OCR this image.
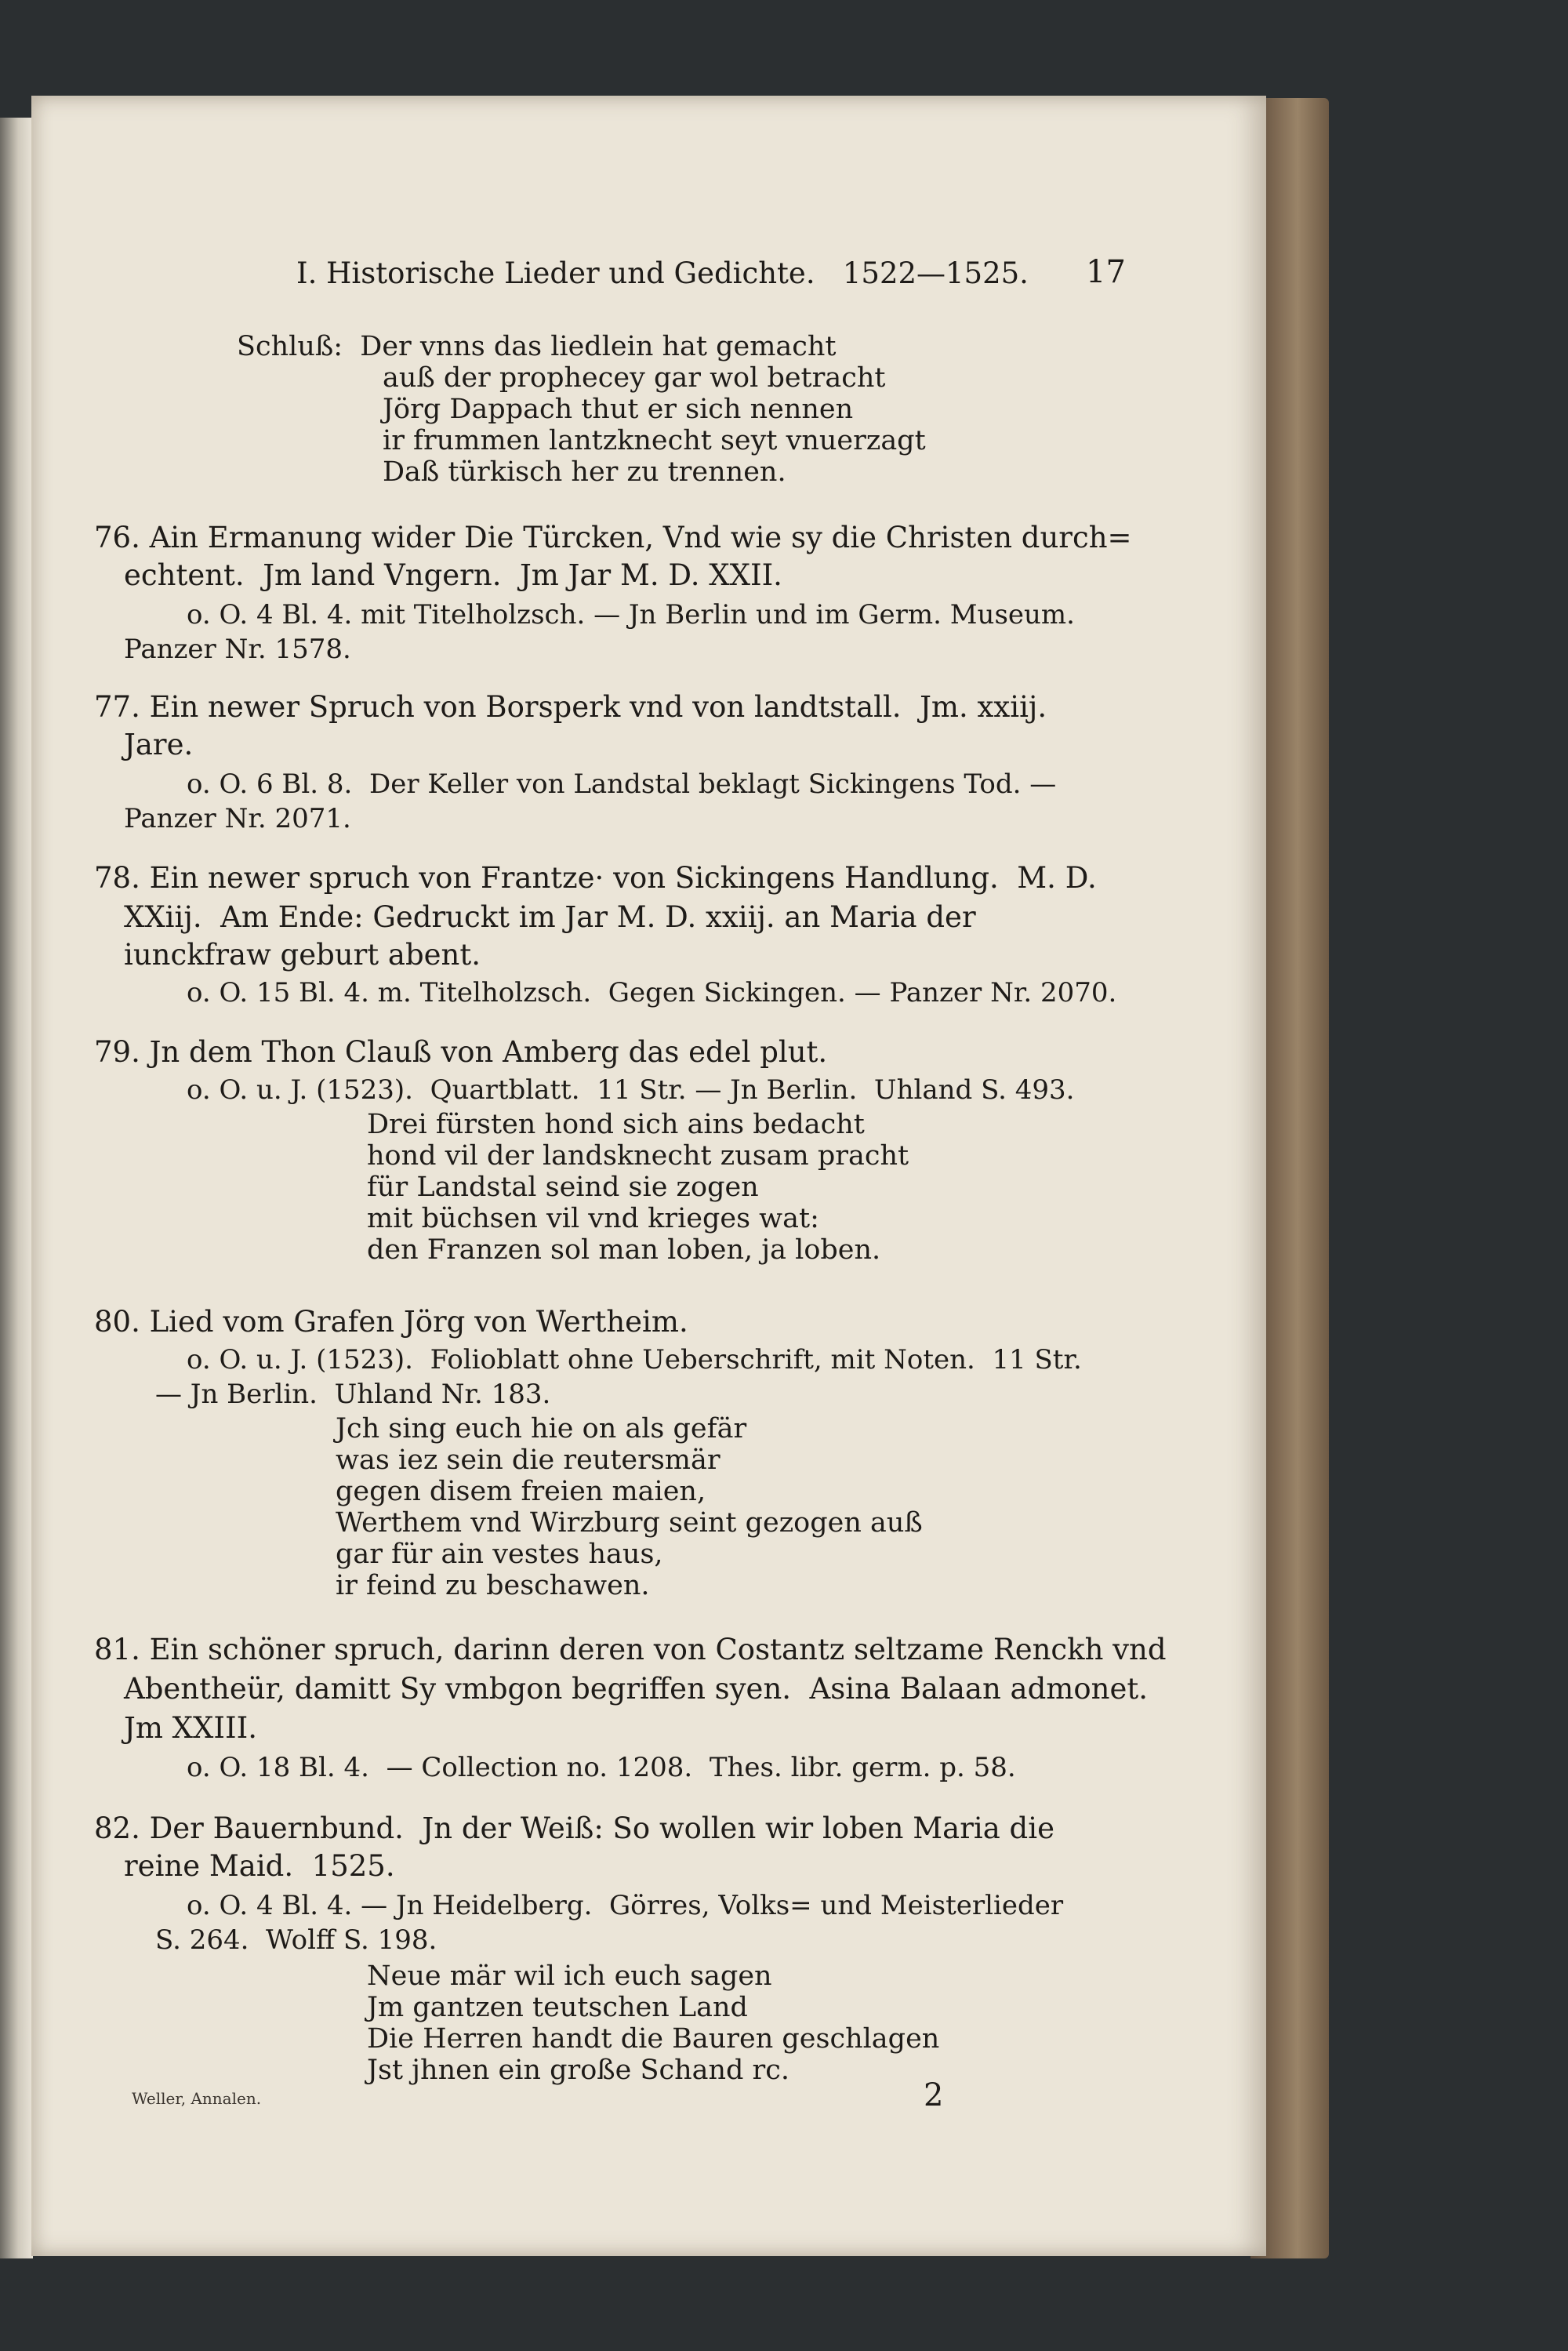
I. Historische Lieder und Gedichte.   1522—1525. 17
Schluß:  Der vnns das liedlein hat gemacht
auß der prophecey gar wol betracht
Jörg Dappach thut er sich nennen
ir frummen lantzknecht seyt vnuerzagt
Daß türkisch her zu trennen.
76. Ain Ermanung wider Die Türcken, Vnd wie sy die Christen durch=
echtent.  Jm land Vngern.  Jm Jar M. D. XXII.
o. O. 4 Bl. 4. mit Titelholzsch. — Jn Berlin und im Germ. Museum.
Panzer Nr. 1578.
77. Ein newer Spruch von Borsperk vnd von landtstall.  Jm. xxiij.
Jare.
o. O. 6 Bl. 8.  Der Keller von Landstal beklagt Sickingens Tod. —
Panzer Nr. 2071.
78. Ein newer spruch von Frantze· von Sickingens Handlung.  M. D.
XXiij.  Am Ende: Gedruckt im Jar M. D. xxiij. an Maria der
iunckfraw geburt abent.
o. O. 15 Bl. 4. m. Titelholzsch.  Gegen Sickingen. — Panzer Nr. 2070.
79. Jn dem Thon Clauß von Amberg das edel plut.
o. O. u. J. (1523).  Quartblatt.  11 Str. — Jn Berlin.  Uhland S. 493.
Drei fürsten hond sich ains bedacht
hond vil der landsknecht zusam pracht
für Landstal seind sie zogen
mit büchsen vil vnd krieges wat:
den Franzen sol man loben, ja loben.
80. Lied vom Grafen Jörg von Wertheim.
o. O. u. J. (1523).  Folioblatt ohne Ueberschrift, mit Noten.  11 Str.
— Jn Berlin.  Uhland Nr. 183.
Jch sing euch hie on als gefär
was iez sein die reutersmär
gegen disem freien maien,
Werthem vnd Wirzburg seint gezogen auß
gar für ain vestes haus,
ir feind zu beschawen.
81. Ein schöner spruch, darinn deren von Costantz seltzame Renckh vnd
Abentheür, damitt Sy vmbgon begriffen syen.  Asina Balaan admonet.
Jm XXIII.
o. O. 18 Bl. 4.  — Collection no. 1208.  Thes. libr. germ. p. 58.
82. Der Bauernbund.  Jn der Weiß: So wollen wir loben Maria die
reine Maid.  1525.
o. O. 4 Bl. 4. — Jn Heidelberg.  Görres, Volks= und Meisterlieder
S. 264.  Wolff S. 198.
Neue mär wil ich euch sagen
Jm gantzen teutschen Land
Die Herren handt die Bauren geschlagen
Jst jhnen ein große Schand rc.
Weller, Annalen.	2
